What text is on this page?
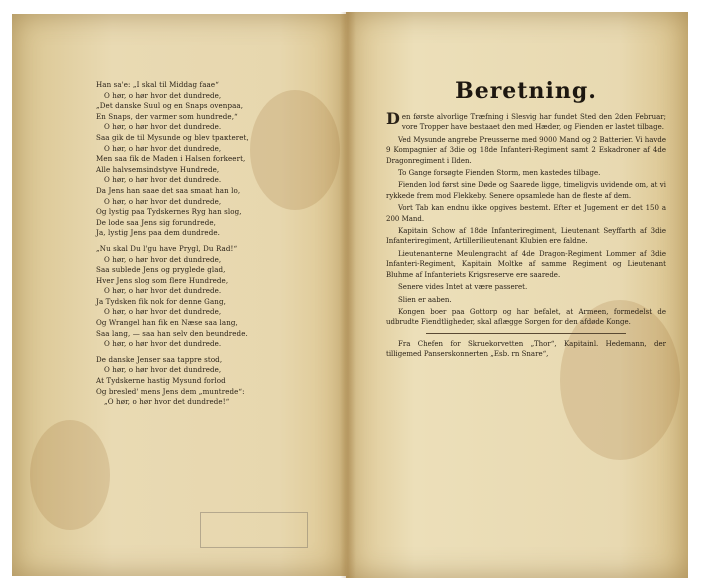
Han sa'e: „I skal til Middag faae“
O hør, o hør hvor det dundrede,
„Det danske Suul og en Snaps ovenpaa,
En Snaps, der varmer som hundrede,“
O hør, o hør hvor det dundrede.
Saa gik de til Mysunde og blev tракteret,
O hør, o hør hvor det dundrede,
Men saa fik de Maden i Halsen forkeert,
Alle halvsemsindstyve Hundrede,
O hør, o hør hvor det dundrede.
Da Jens han saae det saa smaat han lo,
O hør, o hør hvor det dundrede,
Og lystig paa Tydskernes Ryg han slog,
De lode saa Jens sig forundrede,
Ja, lystig Jens paa dem dundrede.
„Nu skal Du l'gu have Prygl, Du Rad!“
O hør, o hør hvor det dundrede,
Saa sublede Jens og pryglede glad,
Hver Jens slog som flere Hundrede,
O hør, o hør hvor det dundrede.
Ja Tydsken fik nok for denne Gang,
O hør, o hør hvor det dundrede,
Og Wrangel han fik en Næse saa lang,
Saa lang, — saa han selv den beundrede.
O hør, o hør hvor det dundrede.
De danske Jenser saa tappre stod,
O hør, o hør hvor det dundrede,
At Tydskerne hastig Mysund forlod
Og bresled' mens Jens dem „muntrede“:
„O hør, o hør hvor det dundrede!“
Beretning.

Den første alvorlige Træfning i Slesvig har fundet Sted den 2den Februar; vore Tropper have bestaaet den med Hæder, og Fienden er lastet tilbage.

Ved Mysunde angrebe Preusserne med 9000 Mand og 2 Batterier. Vi havde 9 Kompagnier af 3die og 18de Infanteri-Regiment samt 2 Eskadroner af 4de Dragonregiment i Ilden.

To Gange forsøgte Fienden Storm, men kastedes tilbage.

Fienden lod først sine Døde og Saarede ligge, timeligvis uvidende om, at vi rykkede frem mod Flekkeby. Senere opsamlede han de fleste af dem.

Vort Tab kan endnu ikke opgives bestemt. Efter et Jugement er det 150 a 200 Mand.

Kapitain Schow af 18de Infanteriregiment, Lieutenant Seyffarth af 3die Infanteriregiment, Artillerilieutenant Klubien ere faldne.

Lieutenanterne Meulengracht af 4de Dragon-Regiment Lommer af 3die Infanteri-Regiment, Kapitain Moltke af samme Regiment og Lieutenant Bluhme af Infanteriets Krigsreserve ere saarede.

Senere vides Intet at være passeret.

Slien er aaben.

Kongen boer paa Gottorp og har befalet, at Armeen, formedelst de udbrudte Fiendtligheder, skal aflægge Sorgen for den afdøde Konge.

Fra Chefen for Skruekorvetten „Thor“, Kapitainl. Hedemann, der tilligemed Panserskonnerten „Esb. rn Snare“,
